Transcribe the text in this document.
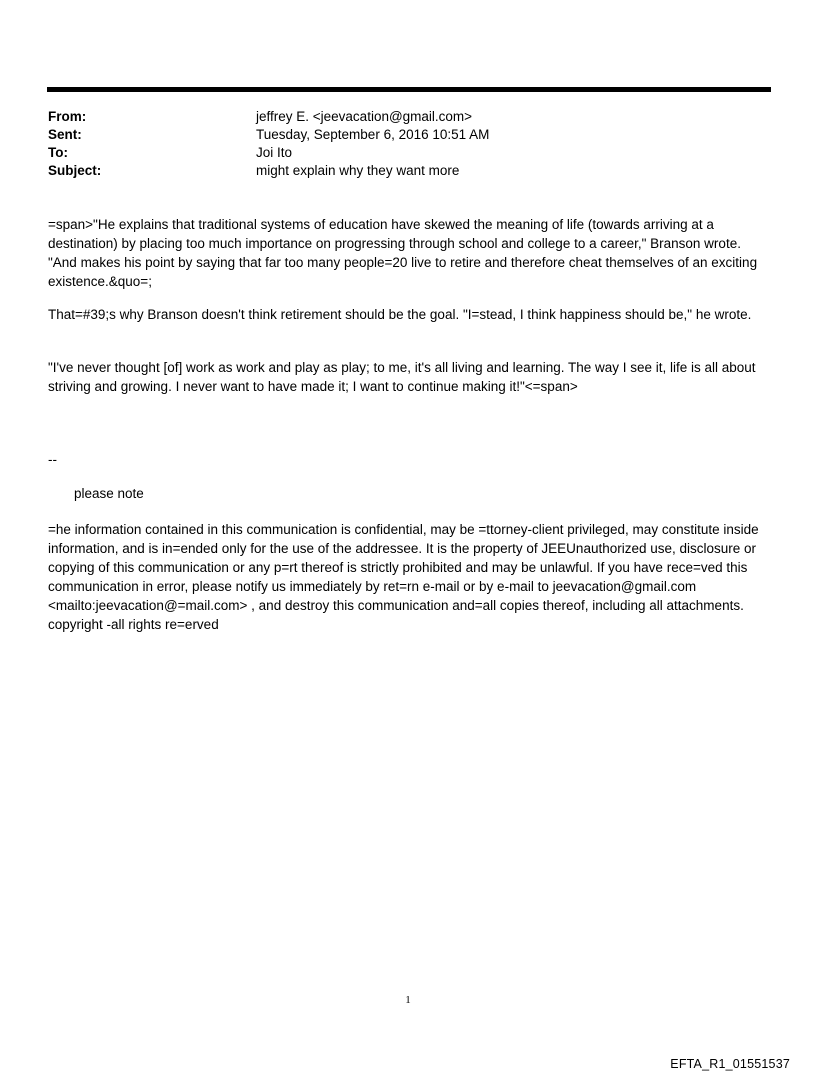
From:	jeffrey E. <jeevacation@gmail.com>
Sent:	Tuesday, September 6, 2016 10:51 AM
To:	Joi Ito
Subject:	might explain why they want more
=span>"He explains that traditional systems of education have skewed the meaning of life (towards arriving at a destination) by placing too much importance on progressing through school and college to a career," Branson wrote. "And makes his point by saying that far too many people=20 live to retire and therefore cheat themselves of an exciting existence.&quo=;
That=#39;s why Branson doesn't think retirement should be the goal. "I=stead, I think happiness should be," he wrote.
"I've never thought [of] work as work and play as play; to me, it's all living and learning. The way I see it, life is all about striving and growing. I never want to have made it; I want to continue making it!"<=span>
--
please note
=he information contained in this communication is confidential, may be =ttorney-client privileged, may constitute inside information, and is in=ended only for the use of the addressee. It is the property of JEEUnauthorized use, disclosure or copying of this communication or any p=rt thereof is strictly prohibited and may be unlawful. If you have rece=ved this communication in error, please notify us immediately by ret=rn e-mail or by e-mail to jeevacation@gmail.com <mailto:jeevacation@=mail.com> , and destroy this communication and=all copies thereof, including all attachments. copyright -all rights re=erved
1
EFTA_R1_01551537
